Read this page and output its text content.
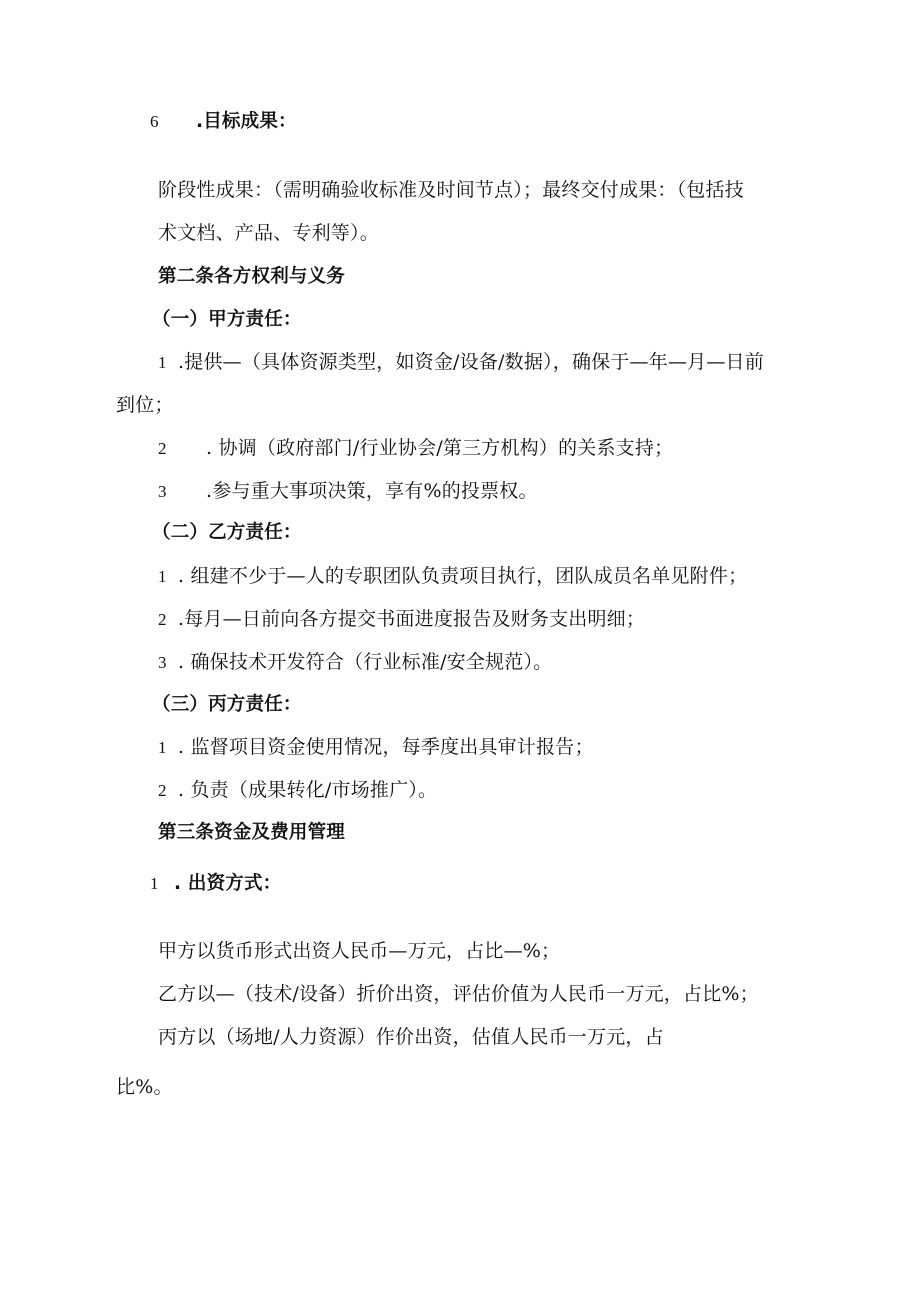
6 .目标成果：
阶段性成果：（需明确验收标准及时间节点）；最终交付成果：（包括技
术文档、产品、专利等）。
第二条各方权利与义务
（一）甲方责任：
1 .提供—（具体资源类型，如资金/设备/数据），确保于—年—月—日前
到位；
2 . 协调（政府部门/行业协会/第三方机构）的关系支持；
3 .参与重大事项决策，享有%的投票权。
（二）乙方责任：
1 . 组建不少于—人的专职团队负责项目执行，团队成员名单见附件；
2 .每月—日前向各方提交书面进度报告及财务支出明细；
3 . 确保技术开发符合（行业标准/安全规范）。
（三）丙方责任：
1 . 监督项目资金使用情况，每季度出具审计报告；
2 . 负责（成果转化/市场推广）。
第三条资金及费用管理
1 . 出资方式：
甲方以货币形式出资人民币—万元，占比—%；
乙方以—（技术/设备）折价出资，评估价值为人民币一万元，占比%；
丙方以（场地/人力资源）作价出资，估值人民币一万元，占
比%。
